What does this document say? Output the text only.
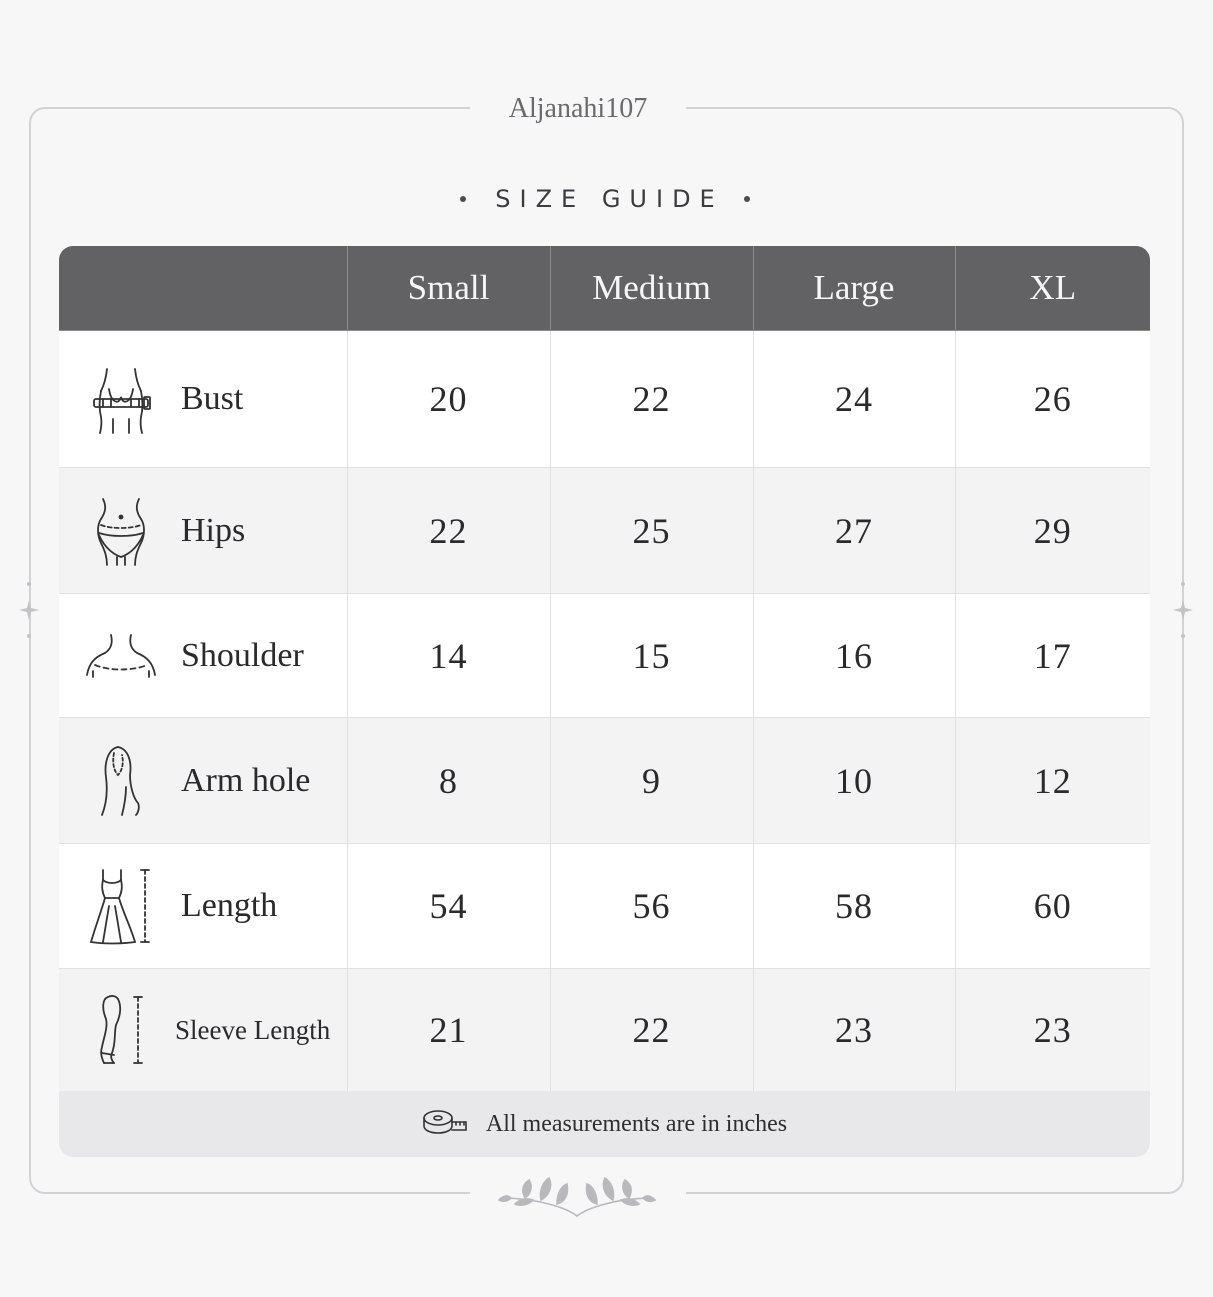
Aljanahi107
SIZE GUIDE
	Small	Medium	Large	XL

Bust	20	22	24	26

Hips	22	25	27	29

Shoulder	14	15	16	17

Arm hole	8	9	10	12

Length	54	56	58	60

Sleeve Length	21	22	23	23
All measurements are in inches
